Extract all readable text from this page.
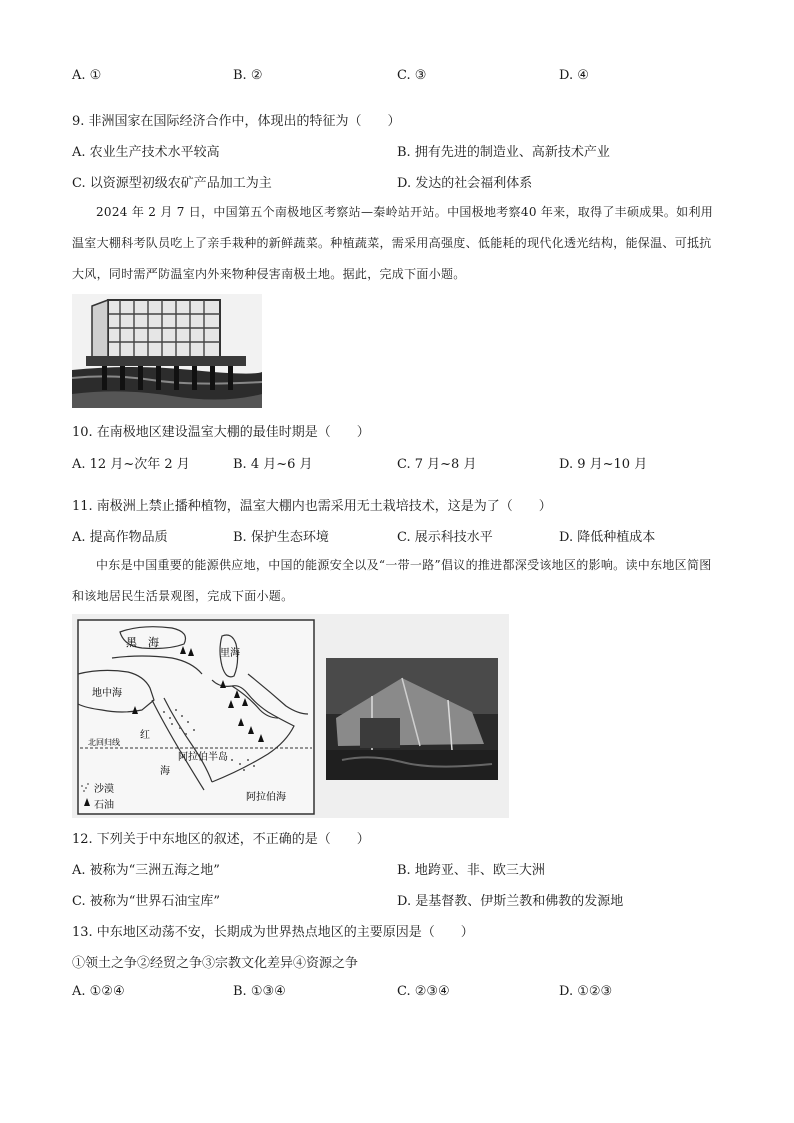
A. ①	B. ②	C. ③	D. ④
9. 非洲国家在国际经济合作中，体现出的特征为（　　）
A. 农业生产技术水平较高	B. 拥有先进的制造业、高新技术产业
C. 以资源型初级农矿产品加工为主	D. 发达的社会福利体系

2024 年 2 月 7 日，中国第五个南极地区考察站—秦岭站开站。中国极地考察40 年来，取得了丰硕成果。如利用温室大棚科考队员吃上了亲手栽种的新鲜蔬菜。种植蔬菜，需采用高强度、低能耗的现代化透光结构，能保温、可抵抗大风，同时需严防温室内外来物种侵害南极土地。据此，完成下面小题。

10. 在南极地区建设温室大棚的最佳时期是（　　）
A. 12 月~次年 2 月	B. 4 月~6 月	C. 7 月~8 月	D. 9 月~10 月
11. 南极洲上禁止播种植物，温室大棚内也需采用无土栽培技术，这是为了（　　）
A. 提高作物品质	B. 保护生态环境	C. 展示科技水平	D. 降低种植成本

中东是中国重要的能源供应地，中国的能源安全以及“一带一路”倡议的推进都深受该地区的影响。读中东地区简图和该地居民生活景观图，完成下面小题。

黑　海
里海
地中海
北回归线
红
海
阿拉伯半岛
阿拉伯海
沙漠
石油
12. 下列关于中东地区的叙述，不正确的是（　　）
A. 被称为“三洲五海之地”	B. 地跨亚、非、欧三大洲
C. 被称为“世界石油宝库”	D. 是基督教、伊斯兰教和佛教的发源地
13. 中东地区动荡不安，长期成为世界热点地区的主要原因是（　　）
①领土之争②经贸之争③宗教文化差异④资源之争
A. ①②④	B. ①③④	C. ②③④	D. ①②③
